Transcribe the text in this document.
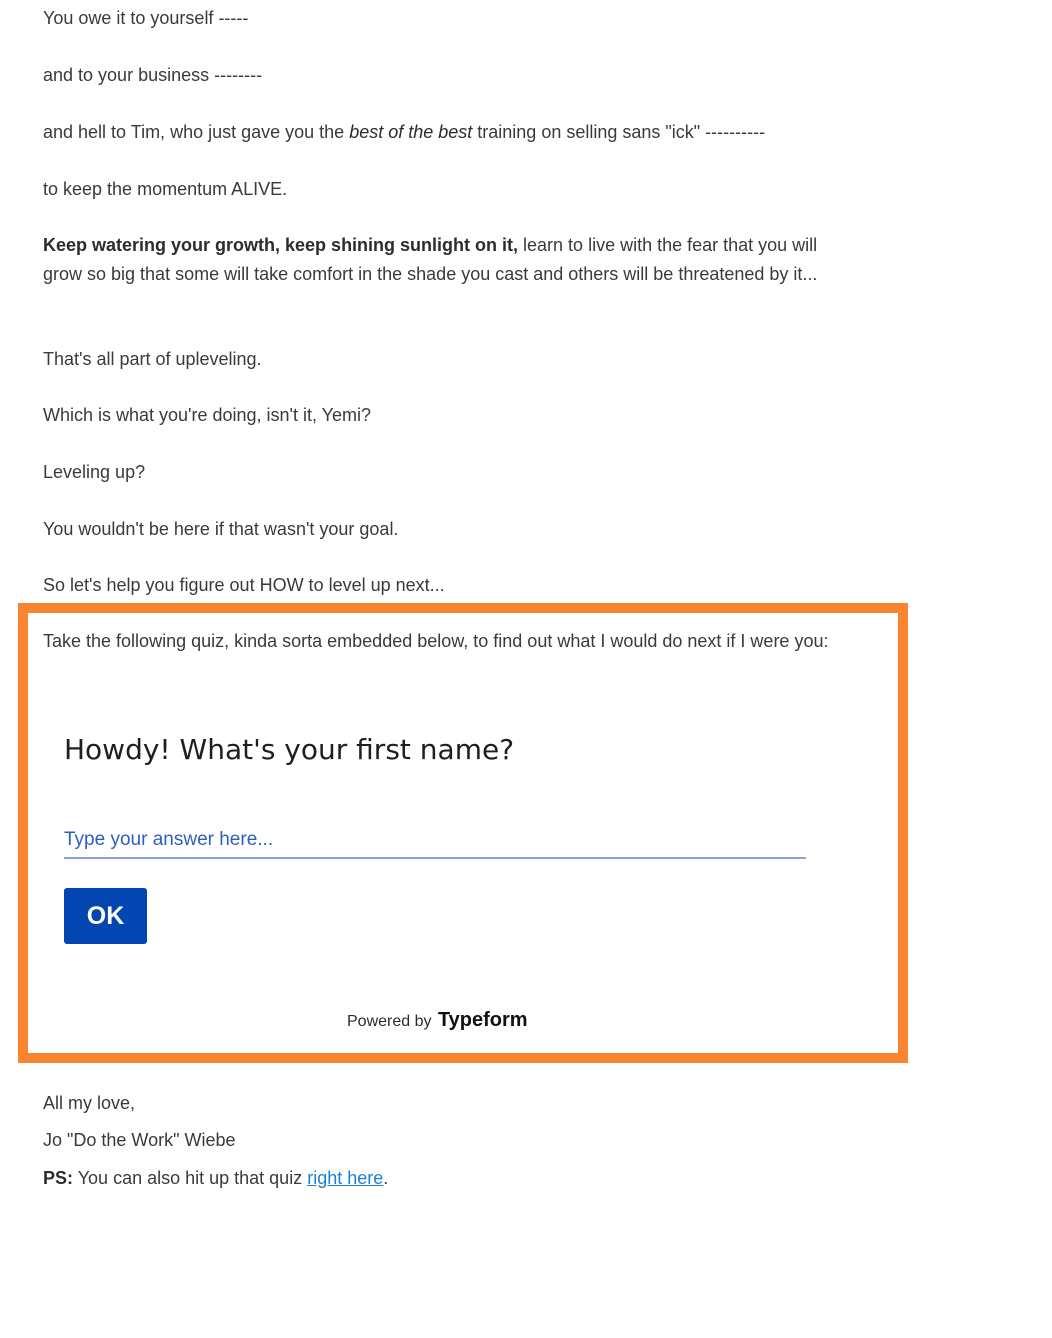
You owe it to yourself -----

and to your business --------

and hell to Tim, who just gave you the best of the best training on selling sans "ick" ----------

to keep the momentum ALIVE.

Keep watering your growth, keep shining sunlight on it, learn to live with the fear that you will grow so big that some will take comfort in the shade you cast and others will be threatened by it...

That's all part of upleveling.

Which is what you're doing, isn't it, Yemi?

Leveling up?

You wouldn't be here if that wasn't your goal.

So let's help you figure out HOW to level up next...

Take the following quiz, kinda sorta embedded below, to find out what I would do next if I were you:

Howdy! What's your first name?
Type your answer here...
OK
Powered by Typeform

All my love,

Jo "Do the Work" Wiebe

PS: You can also hit up that quiz right here.
